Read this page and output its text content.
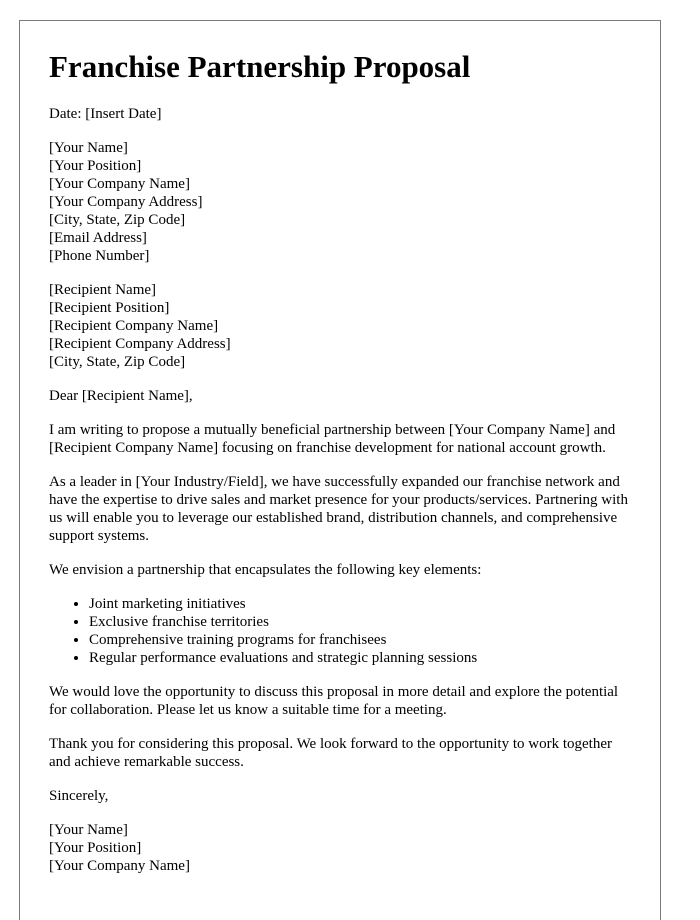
Franchise Partnership Proposal

Date: [Insert Date]

[Your Name]
[Your Position]
[Your Company Name]
[Your Company Address]
[City, State, Zip Code]
[Email Address]
[Phone Number]
[Recipient Name]
[Recipient Position]
[Recipient Company Name]
[Recipient Company Address]
[City, State, Zip Code]

Dear [Recipient Name],

I am writing to propose a mutually beneficial partnership between [Your Company Name] and [Recipient Company Name] focusing on franchise development for national account growth.

As a leader in [Your Industry/Field], we have successfully expanded our franchise network and have the expertise to drive sales and market presence for your products/services. Partnering with us will enable you to leverage our established brand, distribution channels, and comprehensive support systems.

We envision a partnership that encapsulates the following key elements:

• Joint marketing initiatives
• Exclusive franchise territories
• Comprehensive training programs for franchisees
• Regular performance evaluations and strategic planning sessions

We would love the opportunity to discuss this proposal in more detail and explore the potential for collaboration. Please let us know a suitable time for a meeting.

Thank you for considering this proposal. We look forward to the opportunity to work together and achieve remarkable success.

Sincerely,

[Your Name]
[Your Position]
[Your Company Name]
